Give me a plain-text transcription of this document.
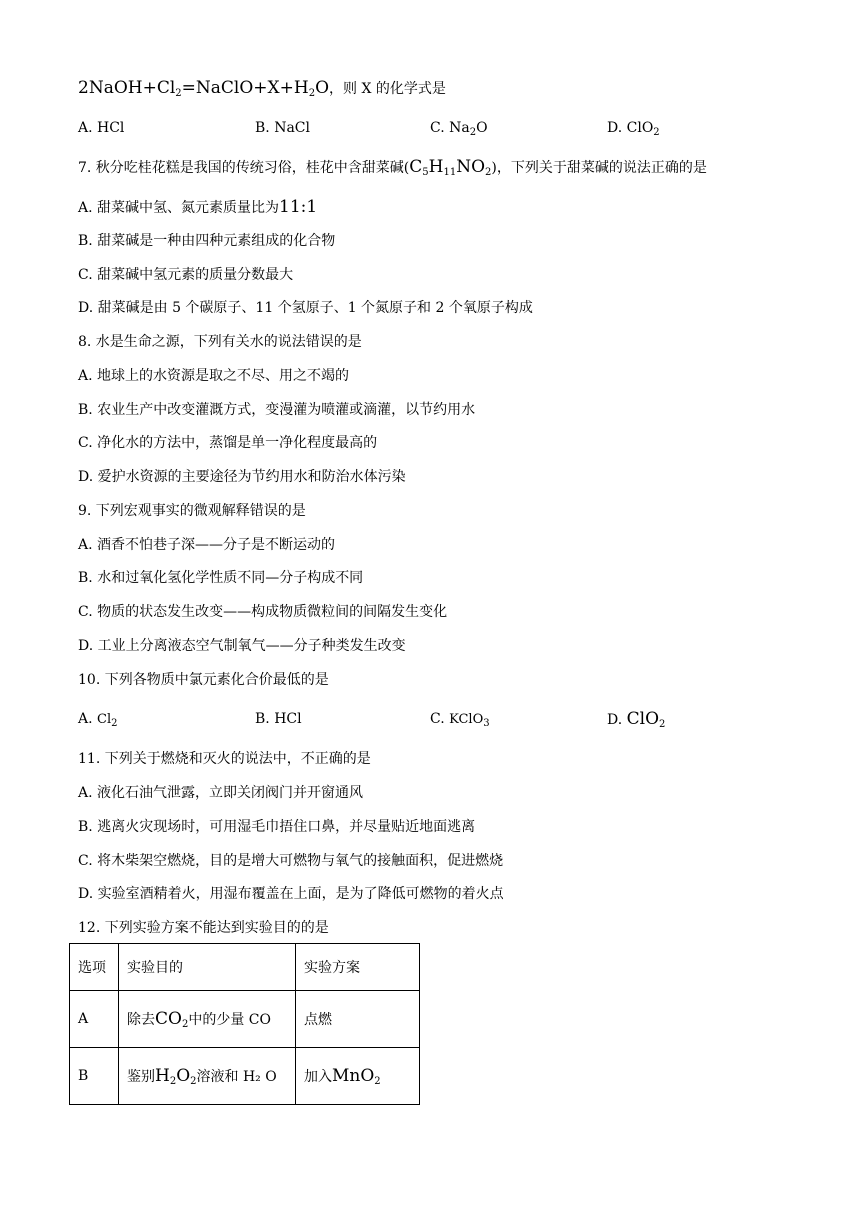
$2NaOH+Cl_2=NaClO+X+H_2O$，则 X 的化学式是
A. HCl	B. NaCl	C. $Na_2O$	D. ClO$_2$
7. 秋分吃桂花糕是我国的传统习俗，桂花中含甜菜碱$(C_5H_{11}NO_2)$，下列关于甜菜碱的说法正确的是
A. 甜菜碱中氢、氮元素质量比为11:1
B. 甜菜碱是一种由四种元素组成的化合物
C. 甜菜碱中氢元素的质量分数最大
D. 甜菜碱是由 5 个碳原子、11 个氢原子、1 个氮原子和 2 个氧原子构成
8. 水是生命之源，下列有关水的说法错误的是
A. 地球上的水资源是取之不尽、用之不竭的
B. 农业生产中改变灌溉方式，变漫灌为喷灌或滴灌，以节约用水
C. 净化水的方法中，蒸馏是单一净化程度最高的
D. 爱护水资源的主要途径为节约用水和防治水体污染
9. 下列宏观事实的微观解释错误的是
A. 酒香不怕巷子深——分子是不断运动的
B. 水和过氧化氢化学性质不同—分子构成不同
C. 物质的状态发生改变——构成物质微粒间的间隔发生变化
D. 工业上分离液态空气制氧气——分子种类发生改变
10. 下列各物质中氯元素化合价最低的是
A. $Cl_2$	B. HCl	C. KClO$_3$	D. ClO$_2$
11. 下列关于燃烧和灭火的说法中，不正确的是
A. 液化石油气泄露，立即关闭阀门并开窗通风
B. 逃离火灾现场时，可用湿毛巾捂住口鼻，并尽量贴近地面逃离
C. 将木柴架空燃烧，目的是增大可燃物与氧气的接触面积，促进燃烧
D. 实验室酒精着火，用湿布覆盖在上面，是为了降低可燃物的着火点
12. 下列实验方案不能达到实验目的的是
选项	实验目的	实验方案
A	除去$CO_2$中的少量 CO	点燃
B	鉴别$H_2O_2$溶液和 H₂ O	加入MnO$_2$
